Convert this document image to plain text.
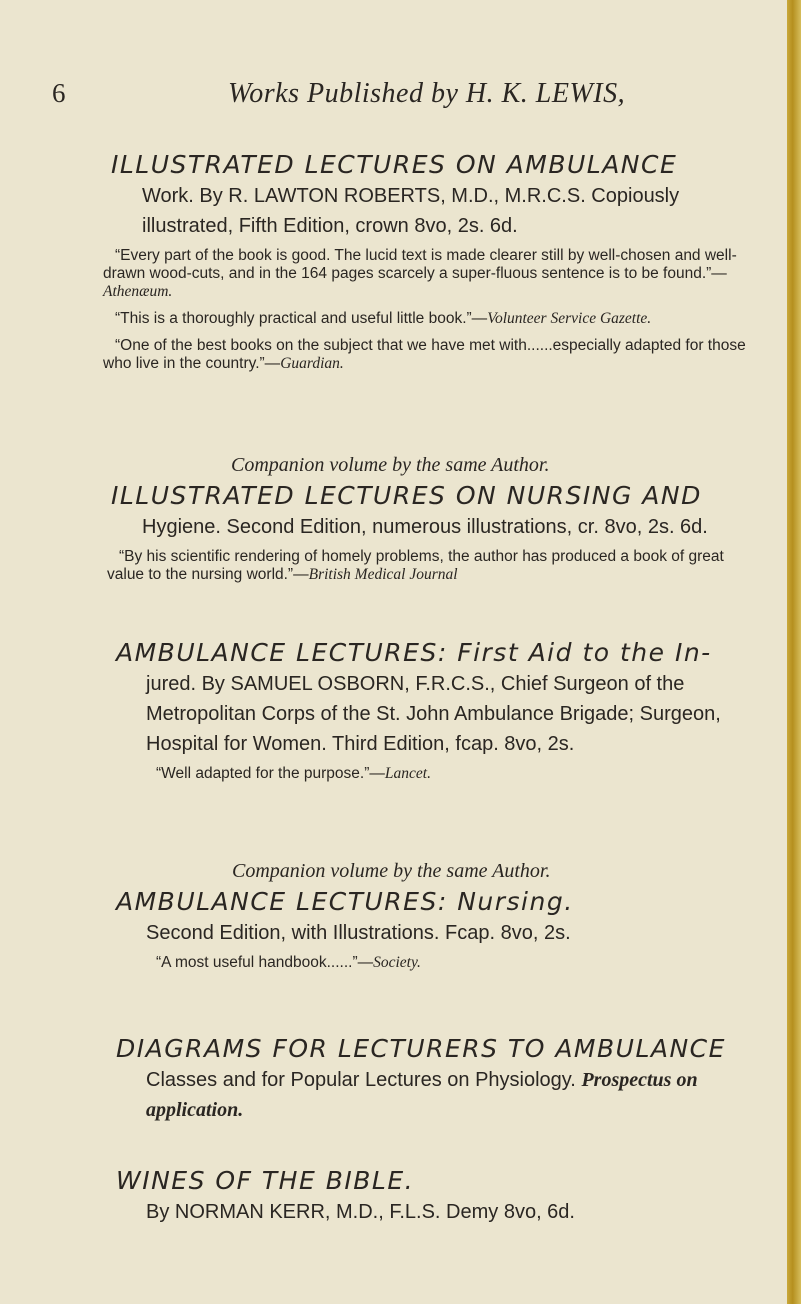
6	Works Published by H. K. LEWIS,
ILLUSTRATED LECTURES ON AMBULANCE
Work. By R. LAWTON ROBERTS, M.D., M.R.C.S. Copiously illustrated, Fifth Edition, crown 8vo, 2s. 6d.

“Every part of the book is good. The lucid text is made clearer still by well-chosen and well-drawn wood-cuts, and in the 164 pages scarcely a super-fluous sentence is to be found.”—Athenæum.

“This is a thoroughly practical and useful little book.”—Volunteer Service Gazette.

“One of the best books on the subject that we have met with......especially adapted for those who live in the country.”—Guardian.

Companion volume by the same Author.
ILLUSTRATED LECTURES ON NURSING AND
Hygiene. Second Edition, numerous illustrations, cr. 8vo, 2s. 6d.

“By his scientific rendering of homely problems, the author has produced a book of great value to the nursing world.”—British Medical Journal

AMBULANCE LECTURES: First Aid to the In-
jured. By SAMUEL OSBORN, F.R.C.S., Chief Surgeon of the Metropolitan Corps of the St. John Ambulance Brigade; Surgeon, Hospital for Women. Third Edition, fcap. 8vo, 2s.

“Well adapted for the purpose.”—Lancet.

Companion volume by the same Author.
AMBULANCE LECTURES: Nursing.
Second Edition, with Illustrations. Fcap. 8vo, 2s.

“A most useful handbook......”—Society.

DIAGRAMS FOR LECTURERS TO AMBULANCE
Classes and for Popular Lectures on Physiology. Prospectus on application.
WINES OF THE BIBLE.
By NORMAN KERR, M.D., F.L.S. Demy 8vo, 6d.
